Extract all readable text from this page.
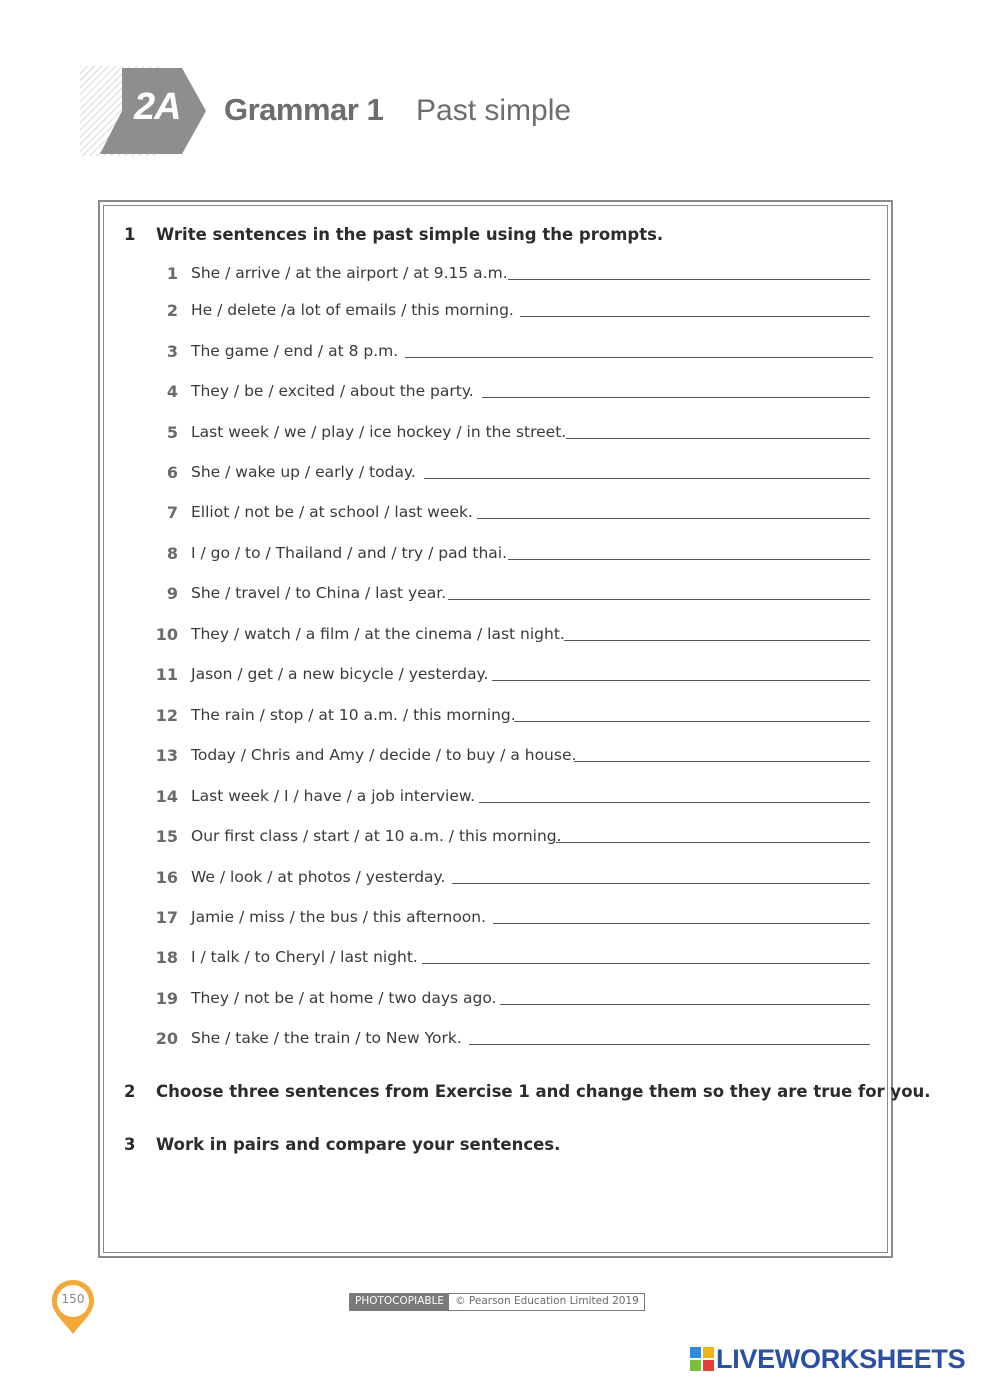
2A Grammar 1 Past simple
1 Write sentences in the past simple using the prompts.
1 She / arrive / at the airport / at 9.15 a.m.
2 He / delete /a lot of emails / this morning.
3 The game / end / at 8 p.m.
4 They / be / excited / about the party.
5 Last week / we / play / ice hockey / in the street.
6 She / wake up / early / today.
7 Elliot / not be / at school / last week.
8 I / go / to / Thailand / and / try / pad thai.
9 She / travel / to China / last year.
10 They / watch / a film / at the cinema / last night.
11 Jason / get / a new bicycle / yesterday.
12 The rain / stop / at 10 a.m. / this morning.
13 Today / Chris and Amy / decide / to buy / a house.
14 Last week / I / have / a job interview.
15 Our first class / start / at 10 a.m. / this morning.
16 We / look / at photos / yesterday.
17 Jamie / miss / the bus / this afternoon.
18 I / talk / to Cheryl / last night.
19 They / not be / at home / two days ago.
20 She / take / the train / to New York.
2 Choose three sentences from Exercise 1 and change them so they are true for you.
3 Work in pairs and compare your sentences.
150	PHOTOCOPIABLE	© Pearson Education Limited 2019
LIVEWORKSHEETS
